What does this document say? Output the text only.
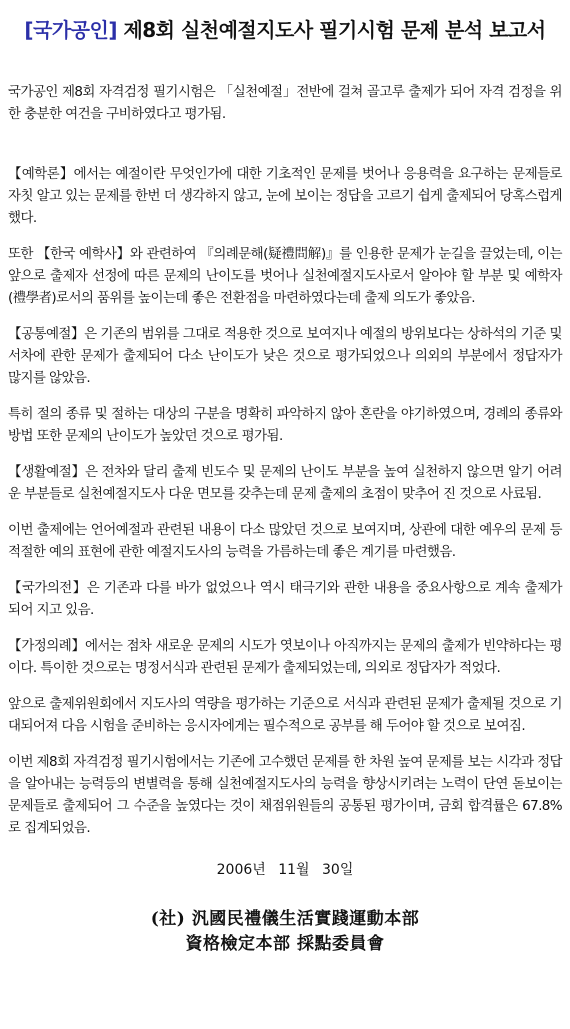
[국가공인] 제8회 실천예절지도사 필기시험 문제 분석 보고서

국가공인 제8회 자격검정 필기시험은 「실천예절」전반에 걸쳐 골고루 출제가 되어 자격 검정을 위한 충분한 여건을 구비하였다고 평가됨.

【예학론】에서는 예절이란 무엇인가에 대한 기초적인 문제를 벗어나 응용력을 요구하는 문제들로 자칫 알고 있는 문제를 한번 더 생각하지 않고, 눈에 보이는 정답을 고르기 쉽게 출제되어 당혹스럽게 했다.

또한 【한국 예학사】와 관련하여 『의례문해(疑禮問解)』를 인용한 문제가 눈길을 끌었는데, 이는 앞으로 출제자 선정에 따른 문제의 난이도를 벗어나 실천예절지도사로서 알아야 할 부분 및 예학자(禮學者)로서의 품위를 높이는데 좋은 전환점을 마련하였다는데 출제 의도가 좋았음.

【공통예절】은 기존의 범위를 그대로 적용한 것으로 보여지나 예절의 방위보다는 상하석의 기준 및 서차에 관한 문제가 출제되어 다소 난이도가 낮은 것으로 평가되었으나 의외의 부분에서 정답자가 많지를 않았음.

특히 절의 종류 및 절하는 대상의 구분을 명확히 파악하지 않아 혼란을 야기하였으며, 경례의 종류와 방법 또한 문제의 난이도가 높았던 것으로 평가됨.

【생활예절】은 전차와 달리 출제 빈도수 및 문제의 난이도 부분을 높여 실천하지 않으면 알기 어려운 부분들로 실천예절지도사 다운 면모를 갖추는데 문제 출제의 초점이 맞추어 진 것으로 사료됨.

이번 출제에는 언어예절과 관련된 내용이 다소 많았던 것으로 보여지며, 상관에 대한 예우의 문제 등 적절한 예의 표현에 관한 예절지도사의 능력을 가름하는데 좋은 계기를 마련했음.

【국가의전】은 기존과 다를 바가 없었으나 역시 태극기와 관한 내용을 중요사항으로 계속 출제가 되어 지고 있음.

【가정의례】에서는 점차 새로운 문제의 시도가 엿보이나 아직까지는 문제의 출제가 빈약하다는 평이다. 특이한 것으로는 명정서식과 관련된 문제가 출제되었는데, 의외로 정답자가 적었다.

앞으로 출제위원회에서 지도사의 역량을 평가하는 기준으로 서식과 관련된 문제가 출제될 것으로 기대되어져 다음 시험을 준비하는 응시자에게는 필수적으로 공부를 해 두어야 할 것으로 보여짐.

이번 제8회 자격검정 필기시험에서는 기존에 고수했던 문제를 한 차원 높여 문제를 보는 시각과 정답을 알아내는 능력등의 변별력을 통해 실천예절지도사의 능력을 향상시키려는 노력이 단연 돋보이는 문제들로 출제되어 그 수준을 높였다는 것이 채점위원들의 공통된 평가이며, 금회 합격률은 67.8%로 집계되었음.

2006년 11월 30일
(社) 汎國民禮儀生活實踐運動本部
資格檢定本部 採點委員會
